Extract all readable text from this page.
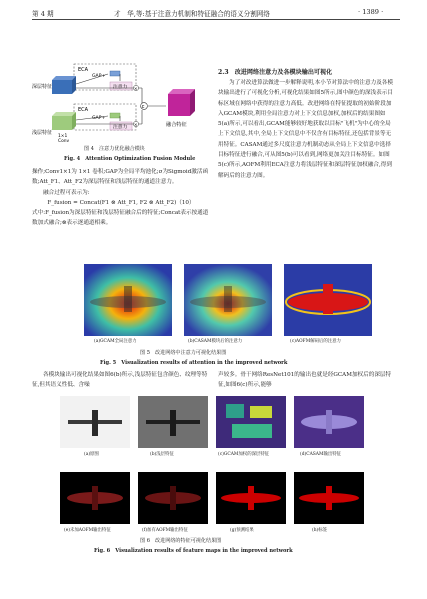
第 4 期	才　华,等:基于注意力机制和特征融合的语义分割网络	· 1389 ·
ECA
ECA
GAP+
GAP+
注意力
注意力
×
×
c
融合特征
深层特征
浅层特征
1×1
Conv
图 4　注意力优化融合模块
Fig. 4　Attention Optimization Fusion Module
操作;Conv1×1为 1×1 卷积;GAP为全局平均池化;σ为Sigmoid激活函数;Att_F1、Att_F2为深层特征和浅层特征的通道注意力。
融合过程可表示为:
F_fusion = Concat(F1 ⊗ Att_F1, F2 ⊗ Att_F2)（10）
式中:F_fusion为深层特征和浅层特征融合后的特征;Concat表示按通道数加式融合;⊗表示逐通道相乘。
2.3　改进网络注意力及各模块输出可视化
为了对改进算法做进一步解释说明,本小节对算法中的注意力及各模块输出进行了可视化分析,可视化结果如图5所示,图中颜色的深浅表示目标区域在网络中获得的注意力高低。改进网络在特征提取的初始阶段加入GCAM模块,利用全局注意力对上下文信息加权,加权后的结果图如5(a)所示,可以看出,GCAM能够较好地获取以目标"飞机"为中心的全局上下文信息,其中,全局上下文信息中不仅含有目标特征,还包括背景等无用特征。CASAM通过多尺度注意力机制动态从全局上下文信息中选择目标特征进行融合,可从图5(b)可以看到,网络更加关注目标特征。如图5(c)所示,AOFM利用ECA注意力将浅层特征和深层特征加权融合,得到解码后的注意力图。
(a)GCAM全局注意力	(b)CASAM模块后的注意力	(c)AOFM解码后的注意力
图 5　改进网络中注意力可视化结果图
Fig. 5　Visualization results of attention in the improved network
各模块输出可视化结果如图6(b)所示,浅层特征包含颜色、纹理等特征,但其语义性低、含噪
声较多。骨干网络ResNet101的输出也就是经GCAM加权后的深层特征,如图6(c)所示,能够
(a)原图	(b)浅层特征	(c)GCAM加权的深层特征	(d)CASAM输出特征
(e)未加AOFM输出特征	(f)加有AOFM输出特征	(g)预测结果	(h)标签
图 6　改进网络的特征可视化结果图
Fig. 6　Visualization results of feature maps in the improved network
